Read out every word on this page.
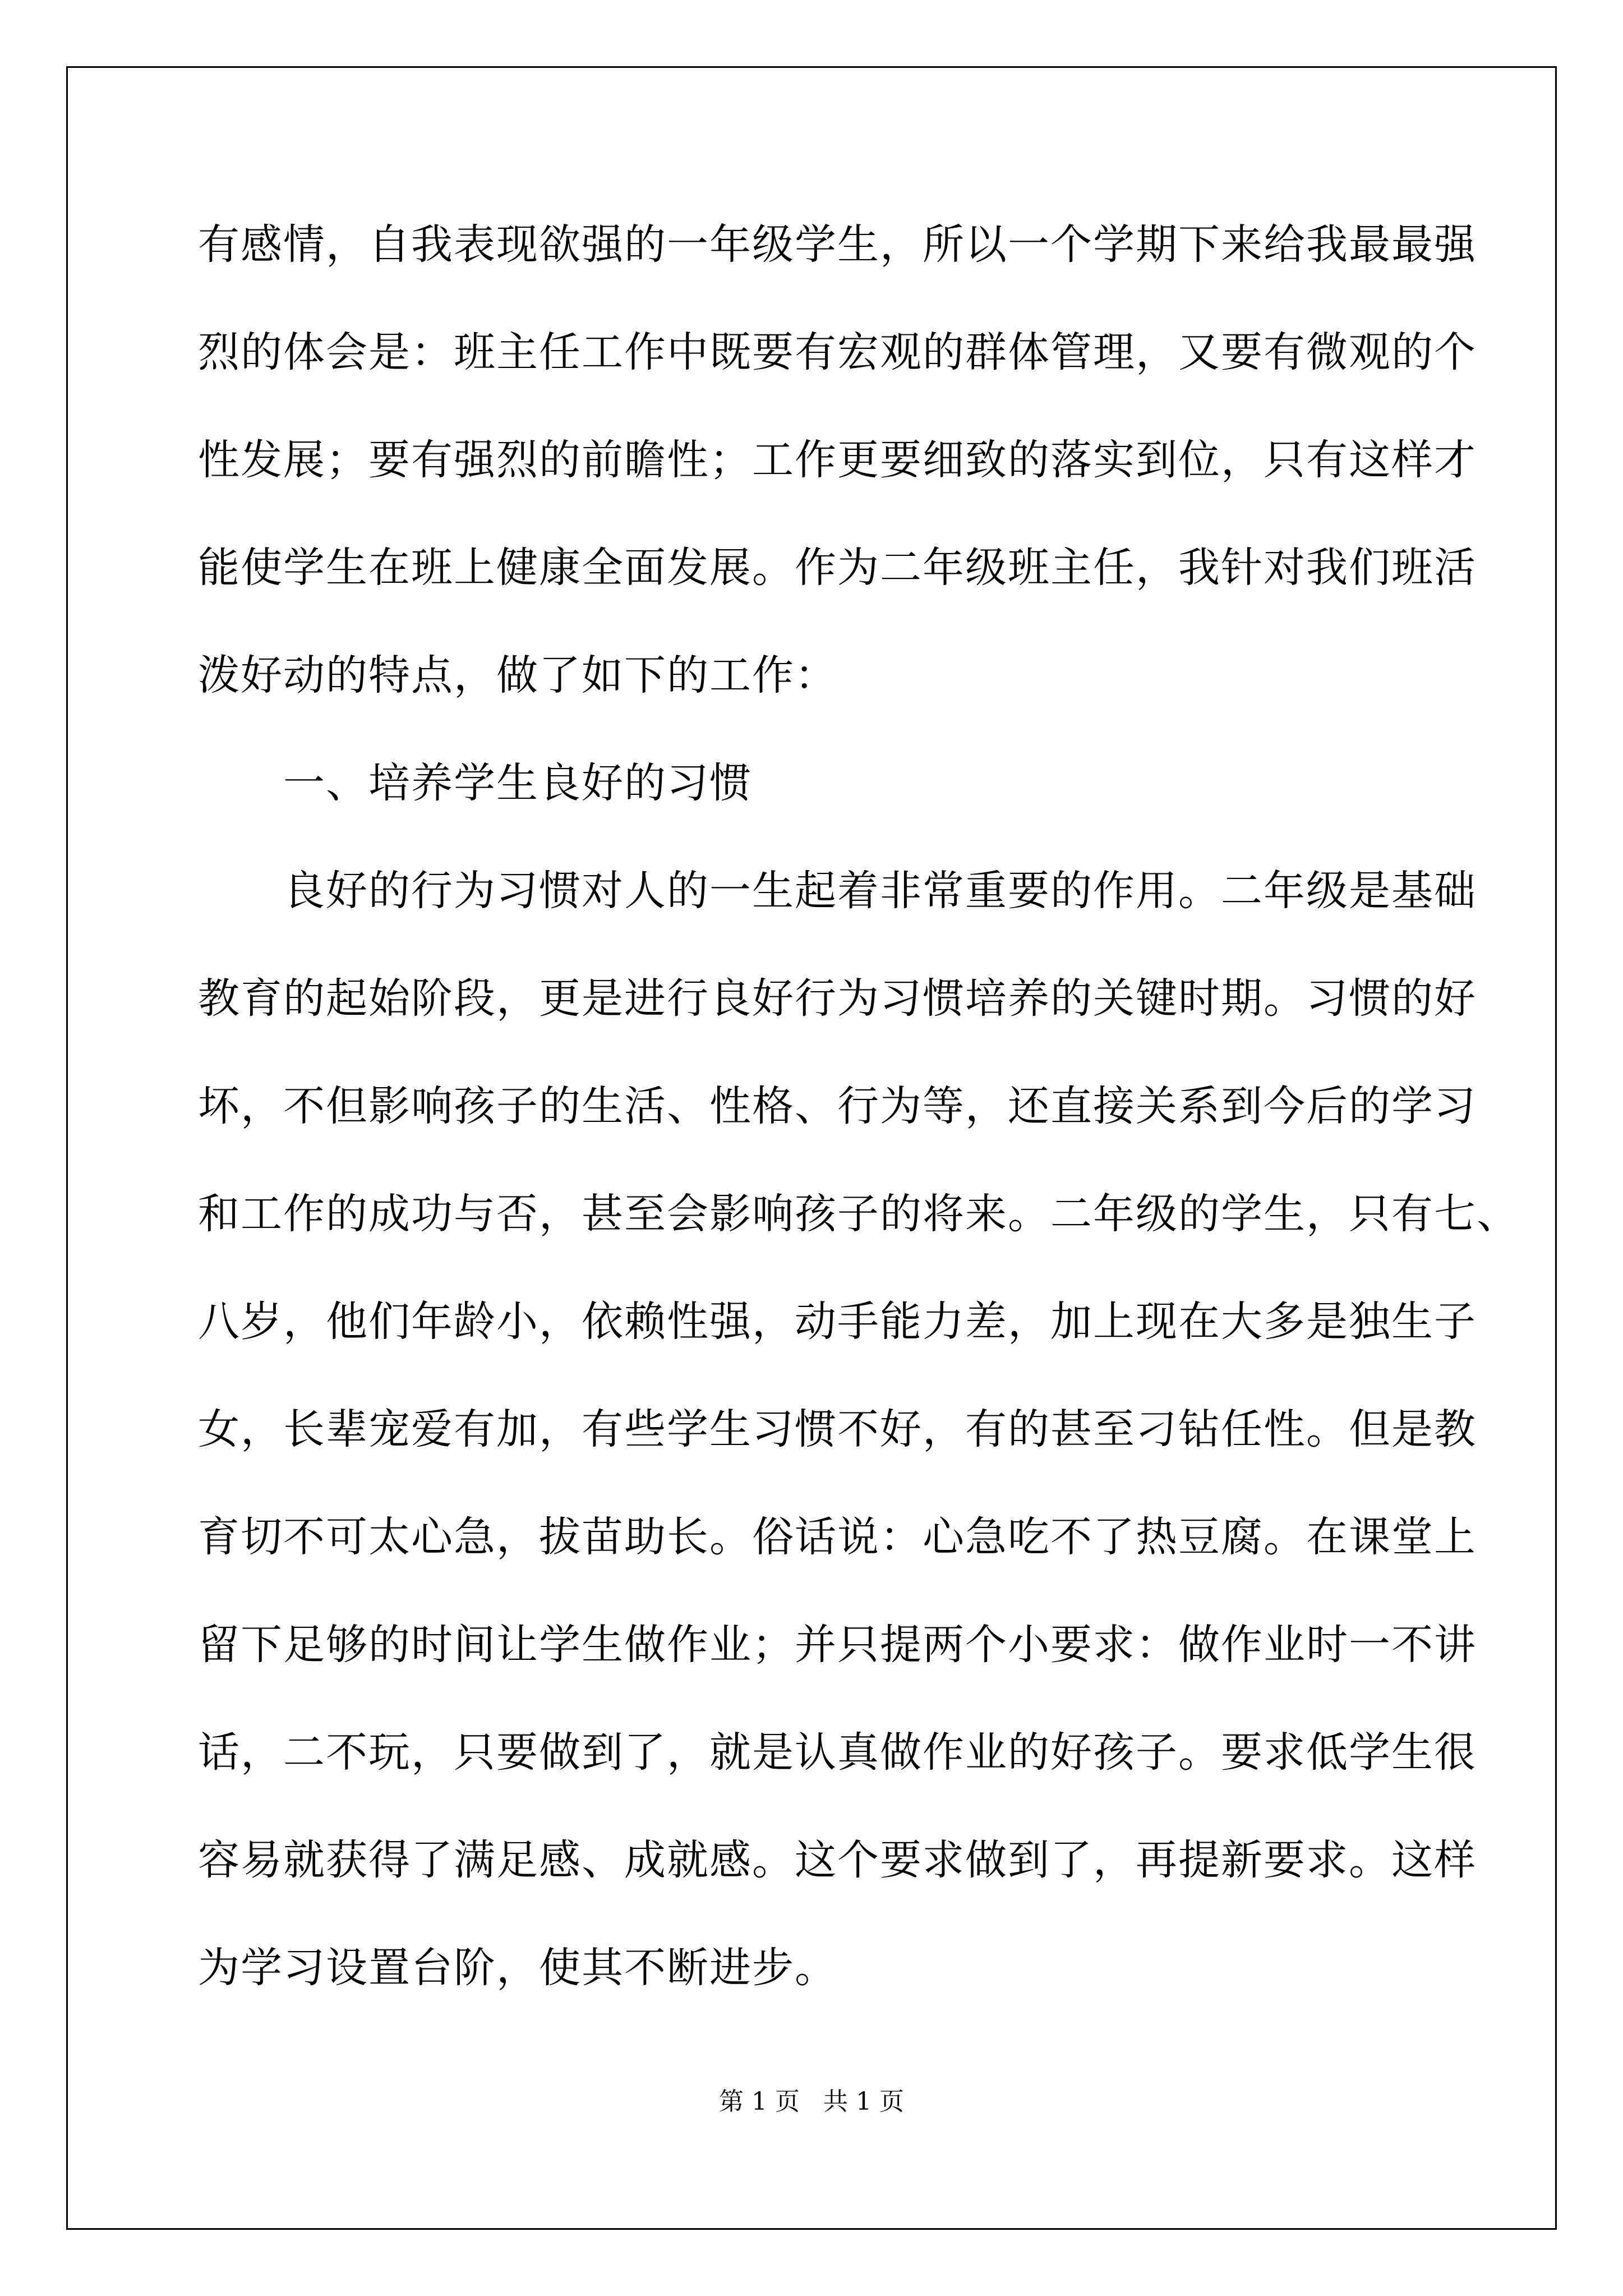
有感情，自我表现欲强的一年级学生，所以一个学期下来给我最最强
烈的体会是：班主任工作中既要有宏观的群体管理，又要有微观的个
性发展；要有强烈的前瞻性；工作更要细致的落实到位，只有这样才
能使学生在班上健康全面发展。作为二年级班主任，我针对我们班活
泼好动的特点，做了如下的工作：
一、培养学生良好的习惯
良好的行为习惯对人的一生起着非常重要的作用。二年级是基础
教育的起始阶段，更是进行良好行为习惯培养的关键时期。习惯的好
坏，不但影响孩子的生活、性格、行为等，还直接关系到今后的学习
和工作的成功与否，甚至会影响孩子的将来。二年级的学生，只有七、
八岁，他们年龄小，依赖性强，动手能力差，加上现在大多是独生子
女，长辈宠爱有加，有些学生习惯不好，有的甚至刁钻任性。但是教
育切不可太心急，拔苗助长。俗话说：心急吃不了热豆腐。在课堂上
留下足够的时间让学生做作业；并只提两个小要求：做作业时一不讲
话，二不玩，只要做到了，就是认真做作业的好孩子。要求低学生很
容易就获得了满足感、成就感。这个要求做到了，再提新要求。这样
为学习设置台阶，使其不断进步。
第 1 页 共 1 页
